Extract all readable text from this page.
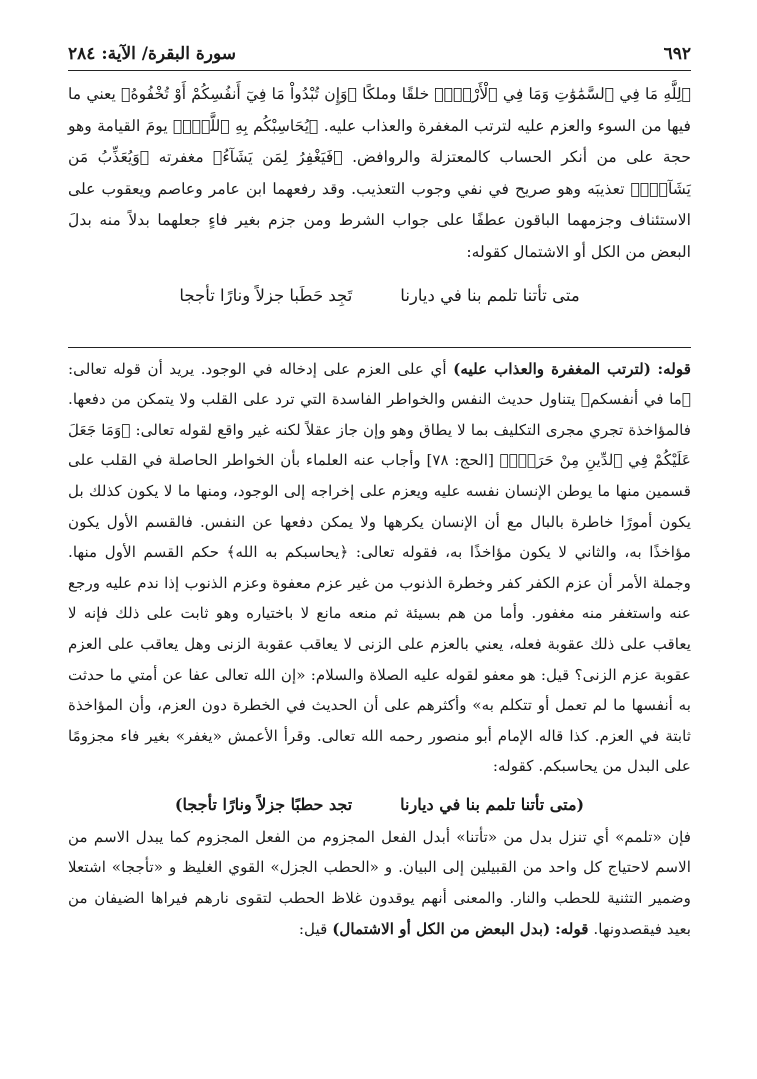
٦٩٢
سورة البقرة/ الآية: ٢٨٤

﴿لِلَّهِ مَا فِي ٱلسَّمَٰوَٰتِ وَمَا فِي ٱلْأَرْضِۗ﴾ خلقًا وملكًا ﴿وَإِن تُبْدُواْ مَا فِيٓ أَنفُسِكُمْ أَوْ تُخْفُوهُ﴾ يعني ما فيها من السوء والعزم عليه لترتب المغفرة والعذاب عليه. ﴿يُحَاسِبْكُم بِهِ ٱللَّهُۖ﴾ يومَ القيامة وهو حجة على من أنكر الحساب كالمعتزلة والروافض. ﴿فَيَغْفِرُ لِمَن يَشَآءُ﴾ مغفرته ﴿وَيُعَذِّبُ مَن يَشَآءُۗ﴾ تعذيبَه وهو صريح في نفي وجوب التعذيب. وقد رفعهما ابن عامر وعاصم ويعقوب على الاستئناف وجزمهما الباقون عطفًا على جواب الشرط ومن جزم بغير فاءٍ جعلهما بدلاً منه بدلَ البعض من الكل أو الاشتمال كقوله:

متى تأتنا تلمم بنا في ديارنا
تَجِد حَطَبا جزلاً ونارًا تأججا

قوله: (لترتب المغفرة والعذاب عليه) أي على العزم على إدخاله في الوجود. يريد أن قوله تعالى: ﴿ما في أنفسكم﴾ يتناول حديث النفس والخواطر الفاسدة التي ترد على القلب ولا يتمكن من دفعها. فالمؤاخذة تجري مجرى التكليف بما لا يطاق وهو وإن جاز عقلاً لكنه غير واقع لقوله تعالى: ﴿وَمَا جَعَلَ عَلَيْكُمْ فِي ٱلدِّينِ مِنْ حَرَجٍۚ﴾ [الحج: ٧٨] وأجاب عنه العلماء بأن الخواطر الحاصلة في القلب على قسمين منها ما يوطن الإنسان نفسه عليه ويعزم على إخراجه إلى الوجود، ومنها ما لا يكون كذلك بل يكون أمورًا خاطرة بالبال مع أن الإنسان يكرهها ولا يمكن دفعها عن النفس. فالقسم الأول يكون مؤاخذًا به، والثاني لا يكون مؤاخذًا به، فقوله تعالى: ﴿يحاسبكم به الله﴾ حكم القسم الأول منها. وجملة الأمر أن عزم الكفر كفر وخطرة الذنوب من غير عزم معفوة وعزم الذنوب إذا ندم عليه ورجع عنه واستغفر منه مغفور. وأما من هم بسيئة ثم منعه مانع لا باختياره وهو ثابت على ذلك فإنه لا يعاقب على ذلك عقوبة فعله، يعني بالعزم على الزنى لا يعاقب عقوبة الزنى وهل يعاقب على العزم عقوبة عزم الزنى؟ قيل: هو معفو لقوله عليه الصلاة والسلام: «إن الله تعالى عفا عن أمتي ما حدثت به أنفسها ما لم تعمل أو تتكلم به» وأكثرهم على أن الحديث في الخطرة دون العزم، وأن المؤاخذة ثابتة في العزم. كذا قاله الإمام أبو منصور رحمه الله تعالى. وقرأ الأعمش «يغفر» بغير فاء مجزومًا على البدل من يحاسبكم. كقوله:

(متى تأتنا تلمم بنا في ديارنا
تجد حطبًا جزلاً ونارًا تأججا)

فإن «تلمم» أي تنزل بدل من «تأتنا» أبدل الفعل المجزوم من الفعل المجزوم كما يبدل الاسم من الاسم لاحتياج كل واحد من القبيلين إلى البيان. و «الحطب الجزل» القوي الغليظ و «تأججا» اشتعلا وضمير التثنية للحطب والنار. والمعنى أنهم يوقدون غلاظ الحطب لتقوى نارهم فيراها الضيفان من بعيد فيقصدونها. قوله: (بدل البعض من الكل أو الاشتمال) قيل:
